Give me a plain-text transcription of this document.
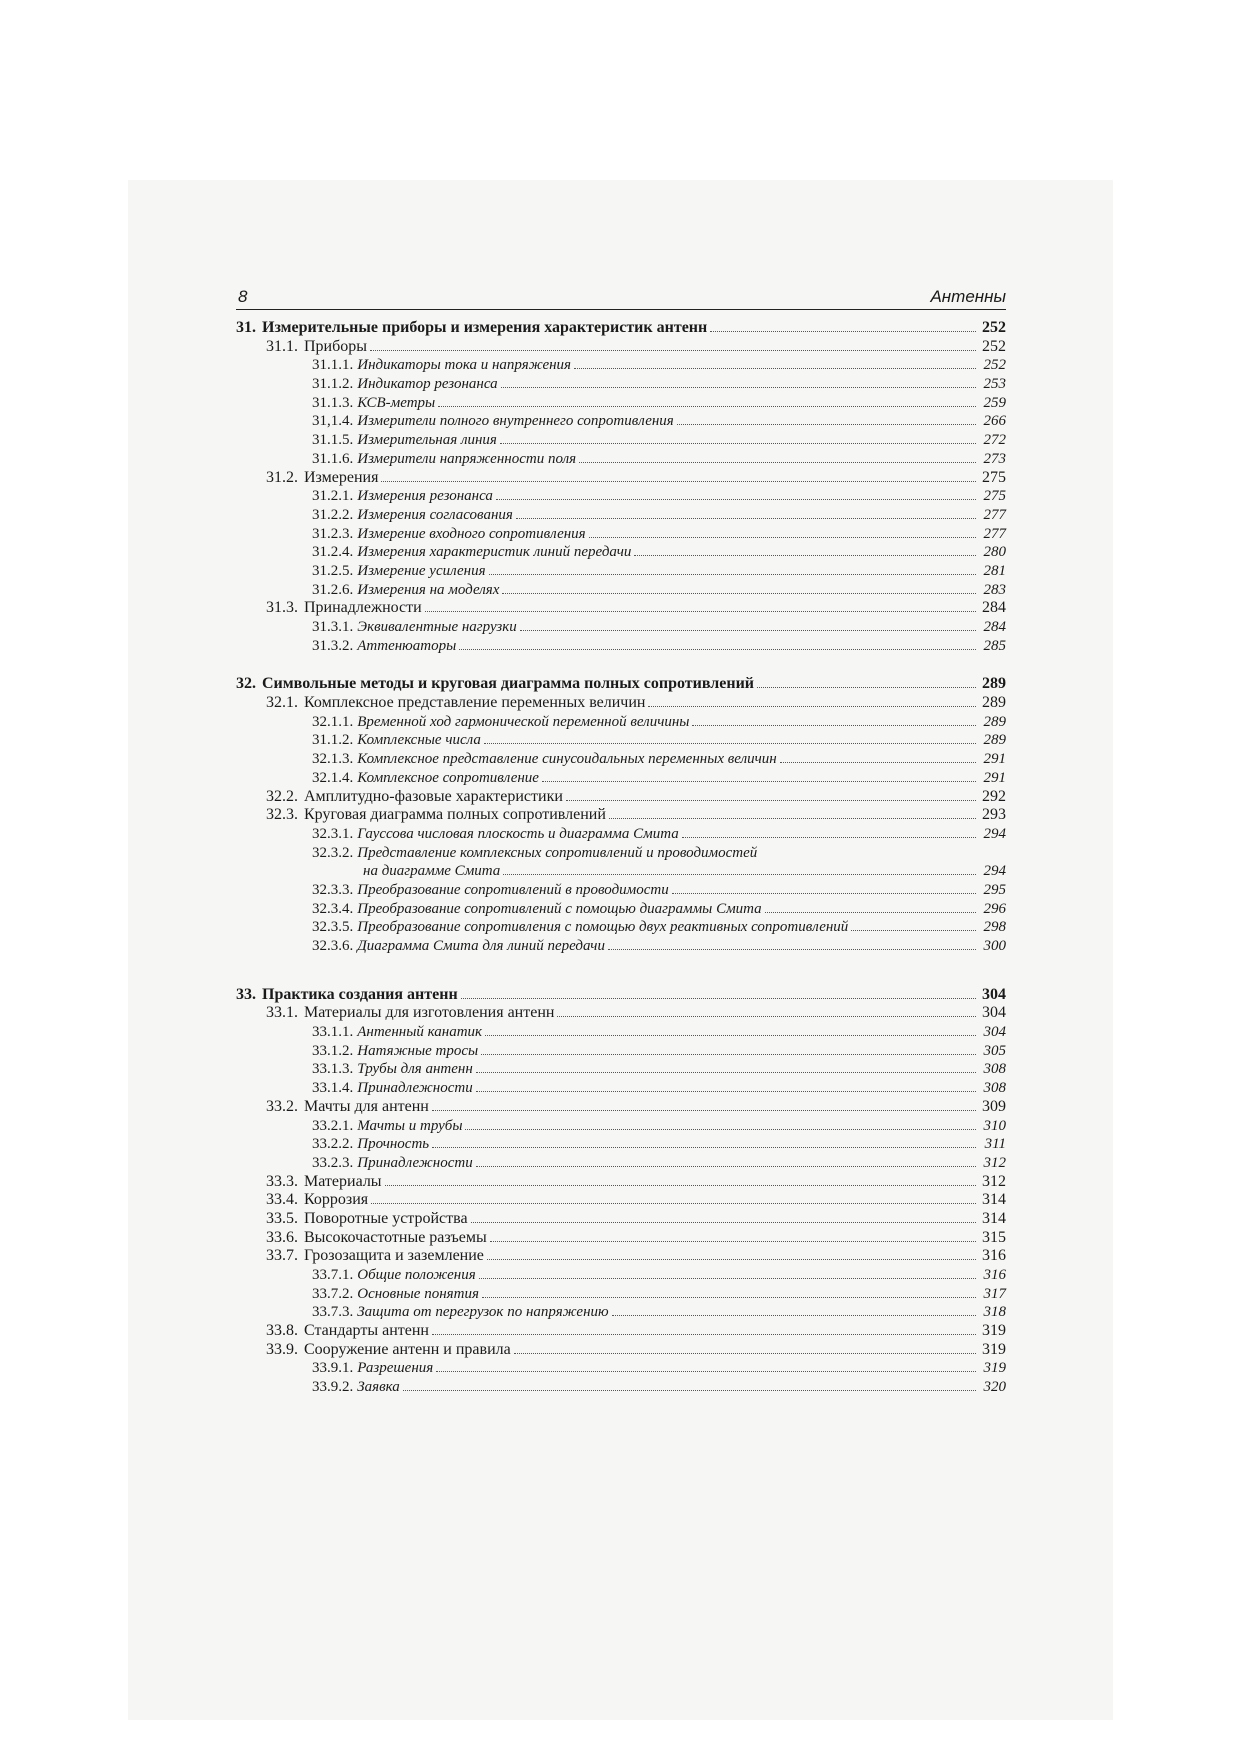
8	Антенны
31. Измерительные приборы и измерения характеристик антенн	252
31.1. Приборы	252
31.1.1. Индикаторы тока и напряжения	252
31.1.2. Индикатор резонанса	253
31.1.3. КСВ-метры	259
31,1.4. Измерители полного внутреннего сопротивления	266
31.1.5. Измерительная линия	272
31.1.6. Измерители напряженности поля	273
31.2. Измерения	275
31.2.1. Измерения резонанса	275
31.2.2. Измерения согласования	277
31.2.3. Измерение входного сопротивления	277
31.2.4. Измерения характеристик линий передачи	280
31.2.5. Измерение усиления	281
31.2.6. Измерения на моделях	283
31.3. Принадлежности	284
31.3.1. Эквивалентные нагрузки	284
31.3.2. Аттенюаторы	285
32. Символьные методы и круговая диаграмма полных сопротивлений	289
32.1. Комплексное представление переменных величин	289
32.1.1. Временной ход гармонической переменной величины	289
31.1.2. Комплексные числа	289
32.1.3. Комплексное представление синусоидальных переменных величин	291
32.1.4. Комплексное сопротивление	291
32.2. Амплитудно-фазовые характеристики	292
32.3. Круговая диаграмма полных сопротивлений	293
32.3.1. Гауссова числовая плоскость и диаграмма Смита	294
32.3.2. Представление комплексных сопротивлений и проводимостей
на диаграмме Смита	294
32.3.3. Преобразование сопротивлений в проводимости	295
32.3.4. Преобразование сопротивлений с помощью диаграммы Смита	296
32.3.5. Преобразование сопротивления с помощью двух реактивных сопротивлений	298
32.3.6. Диаграмма Смита для линий передачи	300
33. Практика создания антенн	304
33.1. Материалы для изготовления антенн	304
33.1.1. Антенный канатик	304
33.1.2. Натяжные тросы	305
33.1.3. Трубы для антенн	308
33.1.4. Принадлежности	308
33.2. Мачты для антенн	309
33.2.1. Мачты и трубы	310
33.2.2. Прочность	311
33.2.3. Принадлежности	312
33.3. Материалы	312
33.4. Коррозия	314
33.5. Поворотные устройства	314
33.6. Высокочастотные разъемы	315
33.7. Грозозащита и заземление	316
33.7.1. Общие положения	316
33.7.2. Основные понятия	317
33.7.3. Защита от перегрузок по напряжению	318
33.8. Стандарты антенн	319
33.9. Сооружение антенн и правила	319
33.9.1. Разрешения	319
33.9.2. Заявка	320
